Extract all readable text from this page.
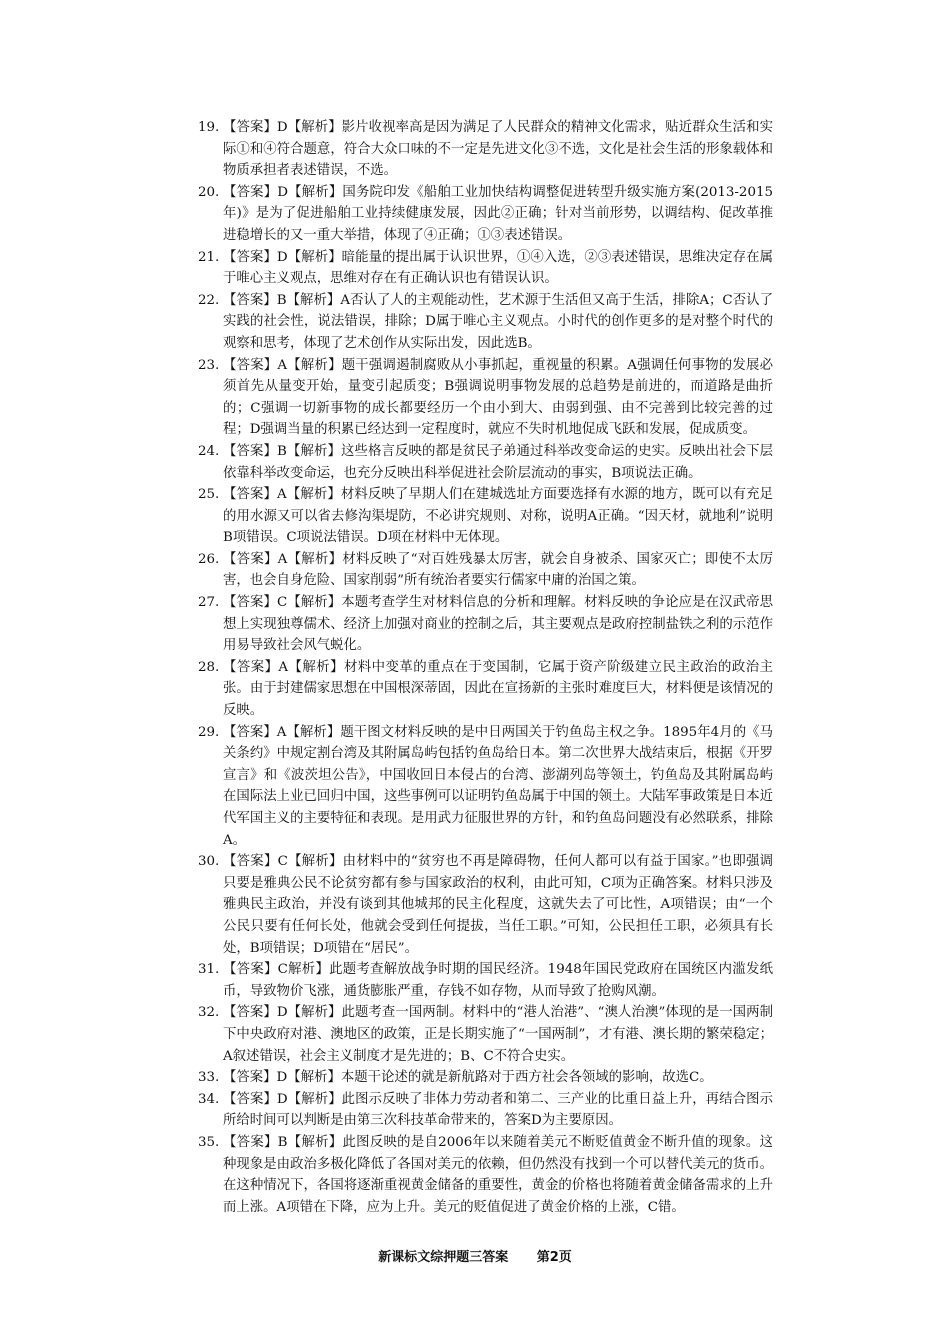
19. 【答案】D【解析】影片收视率高是因为满足了人民群众的精神文化需求，贴近群众生活和实际①和④符合题意，符合大众口味的不一定是先进文化③不选，文化是社会生活的形象载体和物质承担者表述错误，不选。

20. 【答案】D【解析】国务院印发《船舶工业加快结构调整促进转型升级实施方案(2013-2015年)》是为了促进船舶工业持续健康发展，因此②正确；针对当前形势，以调结构、促改革推进稳增长的又一重大举措，体现了④正确；①③表述错误。

21. 【答案】D【解析】暗能量的提出属于认识世界，①④入选，②③表述错误，思维决定存在属于唯心主义观点，思维对存在有正确认识也有错误认识。

22. 【答案】B【解析】A否认了人的主观能动性，艺术源于生活但又高于生活，排除A；C否认了实践的社会性，说法错误，排除；D属于唯心主义观点。小时代的创作更多的是对整个时代的观察和思考，体现了艺术创作从实际出发，因此选B。

23. 【答案】A【解析】题干强调遏制腐败从小事抓起，重视量的积累。A强调任何事物的发展必须首先从量变开始，量变引起质变；B强调说明事物发展的总趋势是前进的，而道路是曲折的；C强调一切新事物的成长都要经历一个由小到大、由弱到强、由不完善到比较完善的过程；D强调当量的积累已经达到一定程度时，就应不失时机地促成飞跃和发展，促成质变。

24. 【答案】B【解析】这些格言反映的都是贫民子弟通过科举改变命运的史实。反映出社会下层依靠科举改变命运，也充分反映出科举促进社会阶层流动的事实，B项说法正确。

25. 【答案】A【解析】材料反映了早期人们在建城选址方面要选择有水源的地方，既可以有充足的用水源又可以省去修沟渠堤防，不必讲究规则、对称，说明A正确。“因天材，就地利”说明B项错误。C项说法错误。D项在材料中无体现。

26. 【答案】A【解析】材料反映了“对百姓残暴太厉害，就会自身被杀、国家灭亡；即使不太厉害，也会自身危险、国家削弱”所有统治者要实行儒家中庸的治国之策。

27. 【答案】C【解析】本题考查学生对材料信息的分析和理解。材料反映的争论应是在汉武帝思想上实现独尊儒术、经济上加强对商业的控制之后，其主要观点是政府控制盐铁之利的示范作用易导致社会风气蜕化。

28. 【答案】A【解析】材料中变革的重点在于变国制，它属于资产阶级建立民主政治的政治主张。由于封建儒家思想在中国根深蒂固，因此在宣扬新的主张时难度巨大，材料便是该情况的反映。

29. 【答案】A【解析】题干图文材料反映的是中日两国关于钓鱼岛主权之争。1895年4月的《马关条约》中规定割台湾及其附属岛屿包括钓鱼岛给日本。第二次世界大战结束后，根据《开罗宣言》和《波茨坦公告》，中国收回日本侵占的台湾、澎湖列岛等领土，钓鱼岛及其附属岛屿在国际法上业已回归中国，这些事例可以证明钓鱼岛属于中国的领土。大陆军事政策是日本近代军国主义的主要特征和表现。是用武力征服世界的方针，和钓鱼岛问题没有必然联系，排除A。

30. 【答案】C【解析】由材料中的“贫穷也不再是障碍物，任何人都可以有益于国家。”也即强调只要是雅典公民不论贫穷都有参与国家政治的权利，由此可知，C项为正确答案。材料只涉及雅典民主政治，并没有谈到其他城邦的民主化程度，这就失去了可比性，A项错误；由“一个公民只要有任何长处，他就会受到任何提拔，当任工职。”可知，公民担任工职，必须具有长处，B项错误；D项错在“居民”。

31. 【答案】C解析】此题考查解放战争时期的国民经济。1948年国民党政府在国统区内滥发纸币，导致物价飞涨，通货膨胀严重，存钱不如存物，从而导致了抢购风潮。

32. 【答案】D【解析】此题考查一国两制。材料中的“港人治港”、“澳人治澳”体现的是一国两制下中央政府对港、澳地区的政策，正是长期实施了“一国两制”，才有港、澳长期的繁荣稳定；A叙述错误，社会主义制度才是先进的；B、C不符合史实。

33. 【答案】D【解析】本题干论述的就是新航路对于西方社会各领域的影响，故选C。

34. 【答案】D【解析】此图示反映了非体力劳动者和第二、三产业的比重日益上升，再结合图示所给时间可以判断是由第三次科技革命带来的，答案D为主要原因。

35. 【答案】B【解析】此图反映的是自2006年以来随着美元不断贬值黄金不断升值的现象。这种现象是由政治多极化降低了各国对美元的依赖，但仍然没有找到一个可以替代美元的货币。在这种情况下，各国将逐渐重视黄金储备的重要性，黄金的价格也将随着黄金储备需求的上升而上涨。A项错在下降，应为上升。美元的贬值促进了黄金价格的上涨，C错。

新课标文综押题三答案 第2页
